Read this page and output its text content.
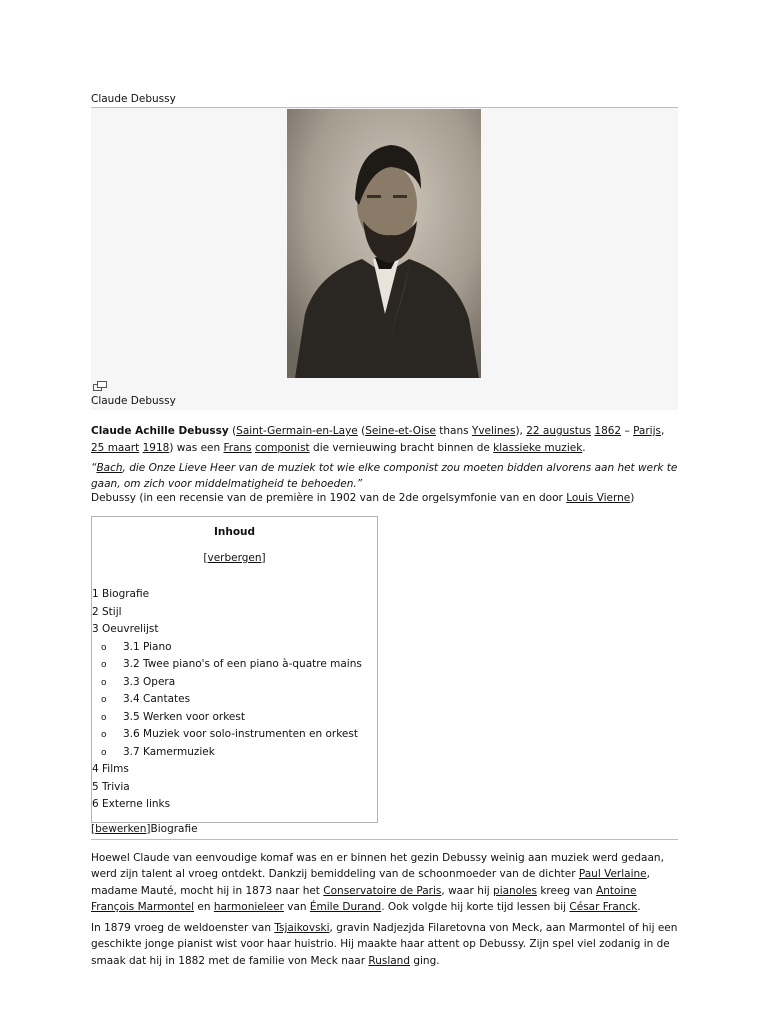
Claude Debussy
Claude Debussy
Claude Achille Debussy (Saint-Germain-en-Laye (Seine-et-Oise thans Yvelines), 22 augustus 1862 – Parijs, 25 maart 1918) was een Frans componist die vernieuwing bracht binnen de klassieke muziek.
“Bach, die Onze Lieve Heer van de muziek tot wie elke componist zou moeten bidden alvorens aan het werk te gaan, om zich voor middelmatigheid te behoeden.”
Debussy (in een recensie van de première in 1902 van de 2de orgelsymfonie van en door Louis Vierne)
Inhoud
[verbergen]
1 Biografie
2 Stijl
3 Oeuvrelijst
o 3.1 Piano
o 3.2 Twee piano's of een piano à-quatre mains
o 3.3 Opera
o 3.4 Cantates
o 3.5 Werken voor orkest
o 3.6 Muziek voor solo-instrumenten en orkest
o 3.7 Kamermuziek
4 Films
5 Trivia
6 Externe links
[bewerken]Biografie
Hoewel Claude van eenvoudige komaf was en er binnen het gezin Debussy weinig aan muziek werd gedaan, werd zijn talent al vroeg ontdekt. Dankzij bemiddeling van de schoonmoeder van de dichter Paul Verlaine, madame Mauté, mocht hij in 1873 naar het Conservatoire de Paris, waar hij pianoles kreeg van Antoine François Marmontel en harmonieleer van Émile Durand. Ook volgde hij korte tijd lessen bij César Franck.
In 1879 vroeg de weldoenster van Tsjaikovski, gravin Nadjezjda Filaretovna von Meck, aan Marmontel of hij een geschikte jonge pianist wist voor haar huistrio. Hij maakte haar attent op Debussy. Zijn spel viel zodanig in de smaak dat hij in 1882 met de familie von Meck naar Rusland ging.
